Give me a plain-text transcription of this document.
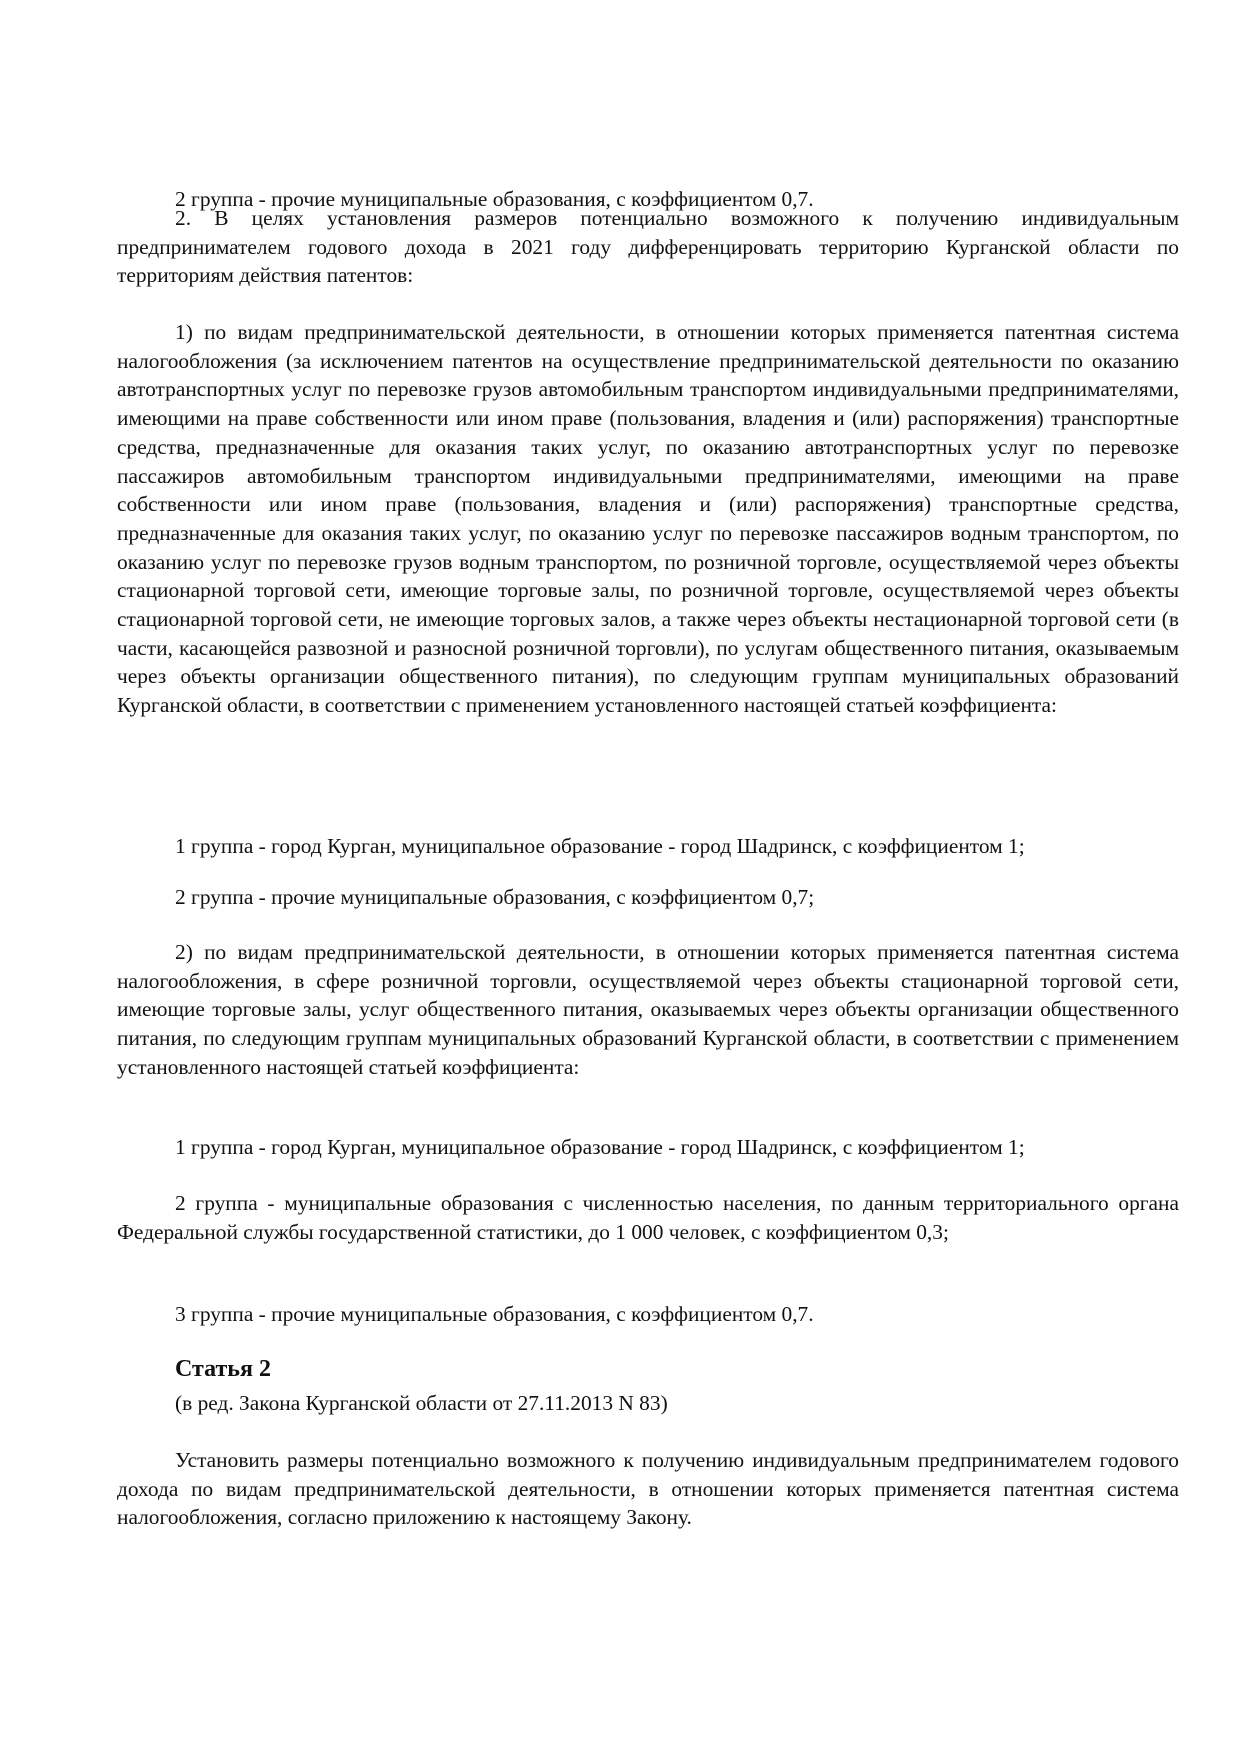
2 группа - прочие муниципальные образования, с коэффициентом 0,7.

2. В целях установления размеров потенциально возможного к получению индивидуальным предпринимателем годового дохода в 2021 году дифференцировать территорию Курганской области по территориям действия патентов:

1) по видам предпринимательской деятельности, в отношении которых применяется патентная система налогообложения (за исключением патентов на осуществление предпринимательской деятельности по оказанию автотранспортных услуг по перевозке грузов автомобильным транспортом индивидуальными предпринимателями, имеющими на праве собственности или ином праве (пользования, владения и (или) распоряжения) транспортные средства, предназначенные для оказания таких услуг, по оказанию автотранспортных услуг по перевозке пассажиров автомобильным транспортом индивидуальными предпринимателями, имеющими на праве собственности или ином праве (пользования, владения и (или) распоряжения) транспортные средства, предназначенные для оказания таких услуг, по оказанию услуг по перевозке пассажиров водным транспортом, по оказанию услуг по перевозке грузов водным транспортом, по розничной торговле, осуществляемой через объекты стационарной торговой сети, имеющие торговые залы, по розничной торговле, осуществляемой через объекты стационарной торговой сети, не имеющие торговых залов, а также через объекты нестационарной торговой сети (в части, касающейся развозной и разносной розничной торговли), по услугам общественного питания, оказываемым через объекты организации общественного питания), по следующим группам муниципальных образований Курганской области, в соответствии с применением установленного настоящей статьей коэффициента:

1 группа - город Курган, муниципальное образование - город Шадринск, с коэффициентом 1;

2 группа - прочие муниципальные образования, с коэффициентом 0,7;

2) по видам предпринимательской деятельности, в отношении которых применяется патентная система налогообложения, в сфере розничной торговли, осуществляемой через объекты стационарной торговой сети, имеющие торговые залы, услуг общественного питания, оказываемых через объекты организации общественного питания, по следующим группам муниципальных образований Курганской области, в соответствии с применением установленного настоящей статьей коэффициента:

1 группа - город Курган, муниципальное образование - город Шадринск, с коэффициентом 1;

2 группа - муниципальные образования с численностью населения, по данным территориального органа Федеральной службы государственной статистики, до 1 000 человек, с коэффициентом 0,3;

3 группа - прочие муниципальные образования, с коэффициентом 0,7.

Статья 2

(в ред. Закона Курганской области от 27.11.2013 N 83)

Установить размеры потенциально возможного к получению индивидуальным предпринимателем годового дохода по видам предпринимательской деятельности, в отношении которых применяется патентная система налогообложения, согласно приложению к настоящему Закону.
